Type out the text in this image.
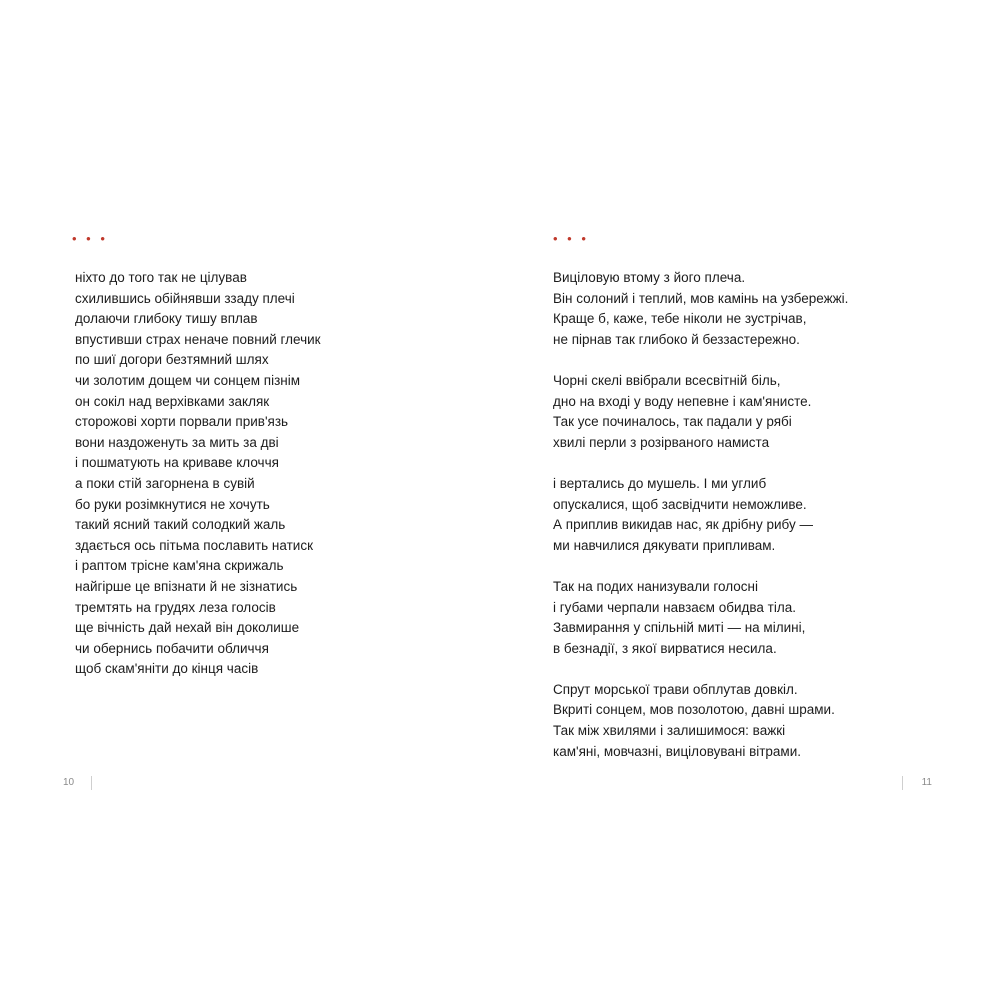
• • •
ніхто до того так не цілував
схилившись обійнявши ззаду плечі
долаючи глибоку тишу вплав
впустивши страх неначе повний глечик
по шиї догори безтямний шлях
чи золотим дощем чи сонцем пізнім
он сокіл над верхівками закляк
сторожові хорти порвали прив'язь
вони наздоженуть за мить за дві
і пошматують на криваве клоччя
а поки стій загорнена в сувій
бо руки розімкнутися не хочуть
такий ясний такий солодкий жаль
здається ось пітьма пославить натиск
і раптом тріснe кам'яна скрижаль
найгірше це впізнати й не зізнатись
тремтять на грудях леза голосів
ще вічність дай нехай він доколише
чи обернись побачити обличчя
щоб скам'яніти до кінця часів
10
• • •
Виціловую втому з його плеча.
Він солоний і теплий, мов камінь на узбережжі.
Краще б, каже, тебе ніколи не зустрічав,
не пірнав так глибоко й беззастережно.
Чорні скелі ввібрали всесвітній біль,
дно на вході у воду непевне і кам'янисте.
Так усе починалось, так падали у рябі
хвилі перли з розірваного намиста
і вертались до мушель. І ми углиб
опускалися, щоб засвідчити неможливе.
А приплив викидав нас, як дрібну рибу —
ми навчилися дякувати припливам.
Так на подих нанизували голосні
і губами черпали навзаєм обидва тіла.
Завмирання у спільній миті — на мілині,
в безнадії, з якої вирватися несила.
Спрут морської трави обплутав довкіл.
Вкриті сонцем, мов позолотою, давні шрами.
Так між хвилями і залишимося: важкі
кам'яні, мовчазні, виціловувані вітрами.
11
